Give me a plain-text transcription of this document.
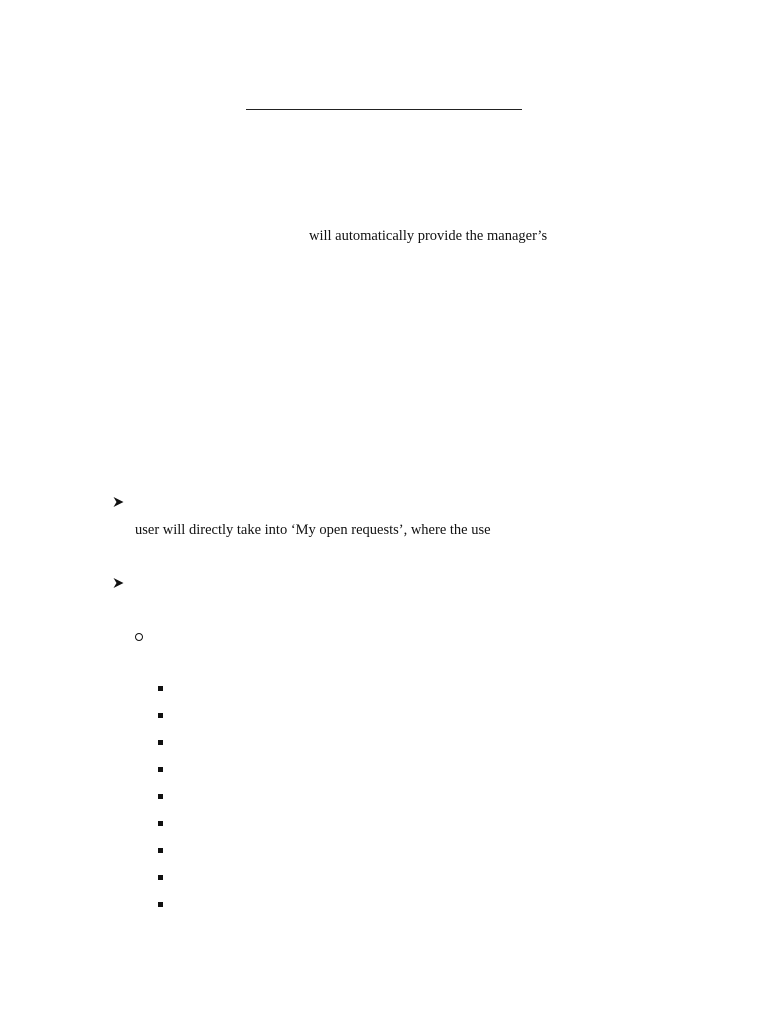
will automatically provide the manager’s
user will directly take into ‘My open requests’, where the use
